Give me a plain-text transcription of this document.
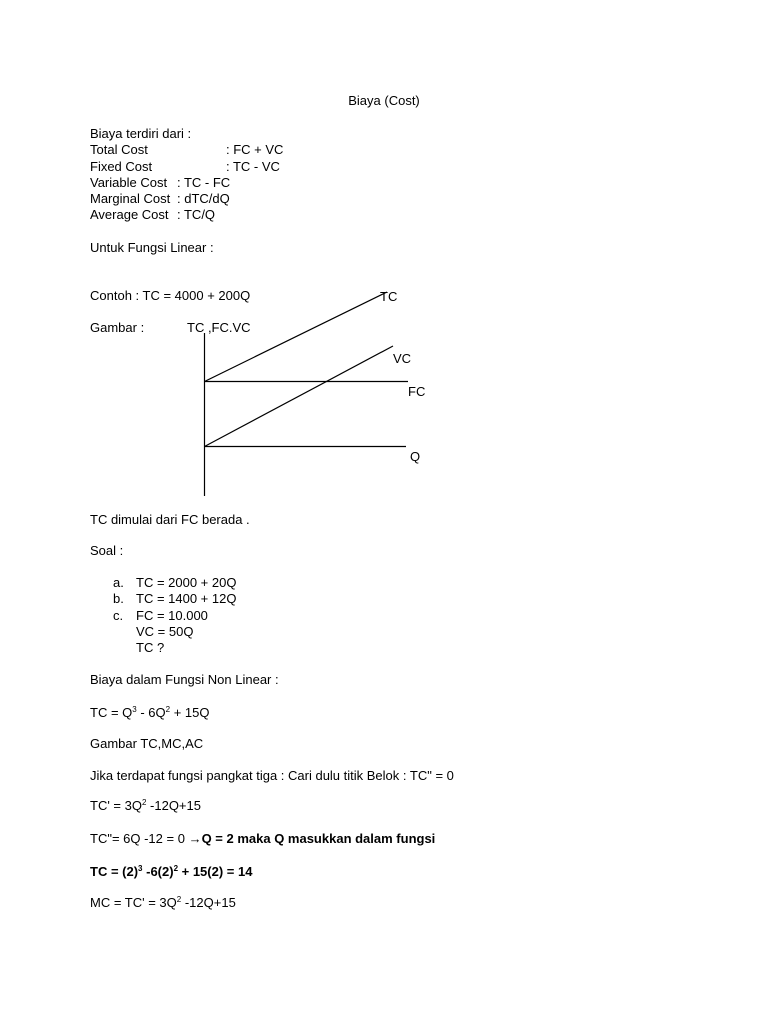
Biaya (Cost)
Biaya terdiri dari :
Total Cost	: FC + VC
Fixed Cost	: TC - VC
Variable Cost : TC - FC
Marginal Cost : dTC/dQ
Average Cost : TC/Q
Untuk Fungsi Linear :
Contoh : TC = 4000 + 200Q
Gambar :	TC ,FC.VC
TC
VC
FC
Q
TC dimulai dari FC berada .
Soal :
a. TC = 2000 + 20Q
b. TC = 1400 + 12Q
c. FC = 10.000
VC = 50Q
TC ?
Biaya dalam Fungsi Non Linear :
TC = $Q^3 - 6Q^2 + 15Q$
Gambar TC,MC,AC
Jika terdapat fungsi pangkat tiga : Cari dulu titik Belok : TC" = 0
$TC' = 3Q^2$ -12Q+15
TC"= 6Q -12 = 0 →Q = 2 maka Q masukkan dalam fungsi
TC = $(2)^3$ $-6(2)^2 + 15(2) = 14$
MC = $TC' = 3Q^2$ -12Q+15
